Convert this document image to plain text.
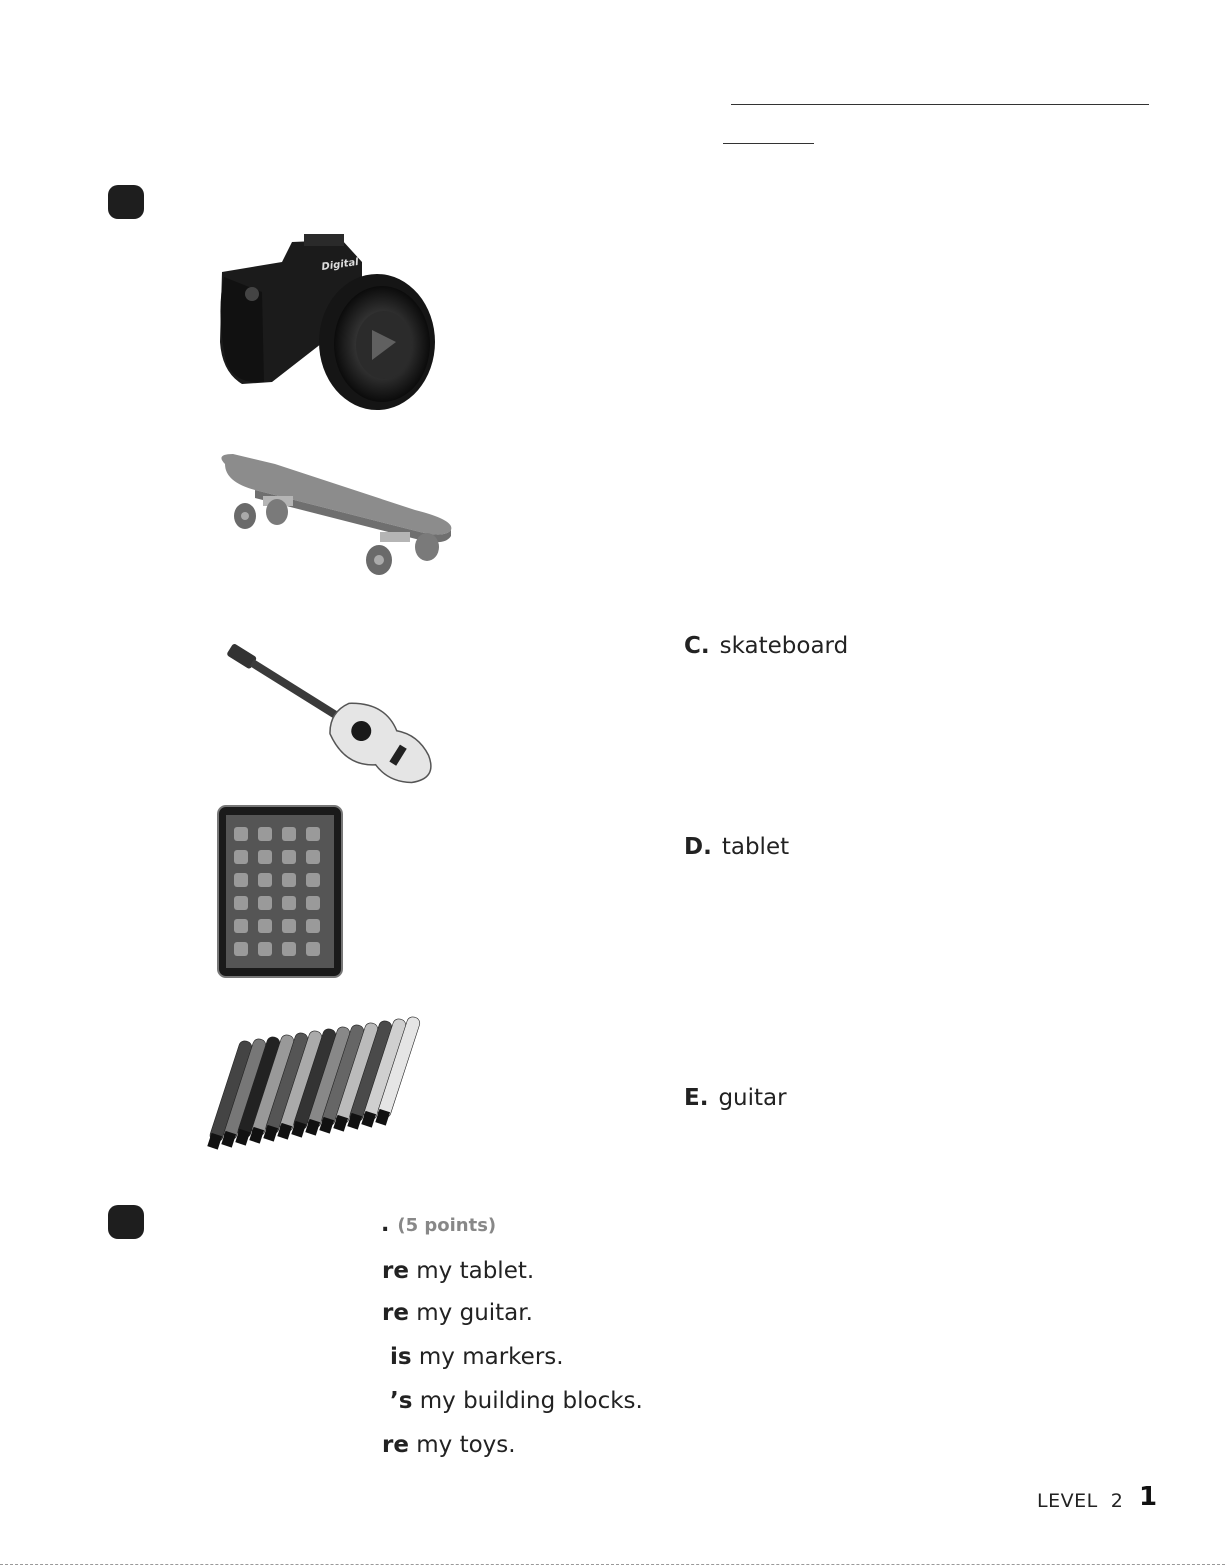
Digital
C. skateboard
D. tablet
E. guitar
. (5 points)
re my tablet.
re my guitar.
is my markers.
’s my building blocks.
re my toys.
LEVEL  2 1
